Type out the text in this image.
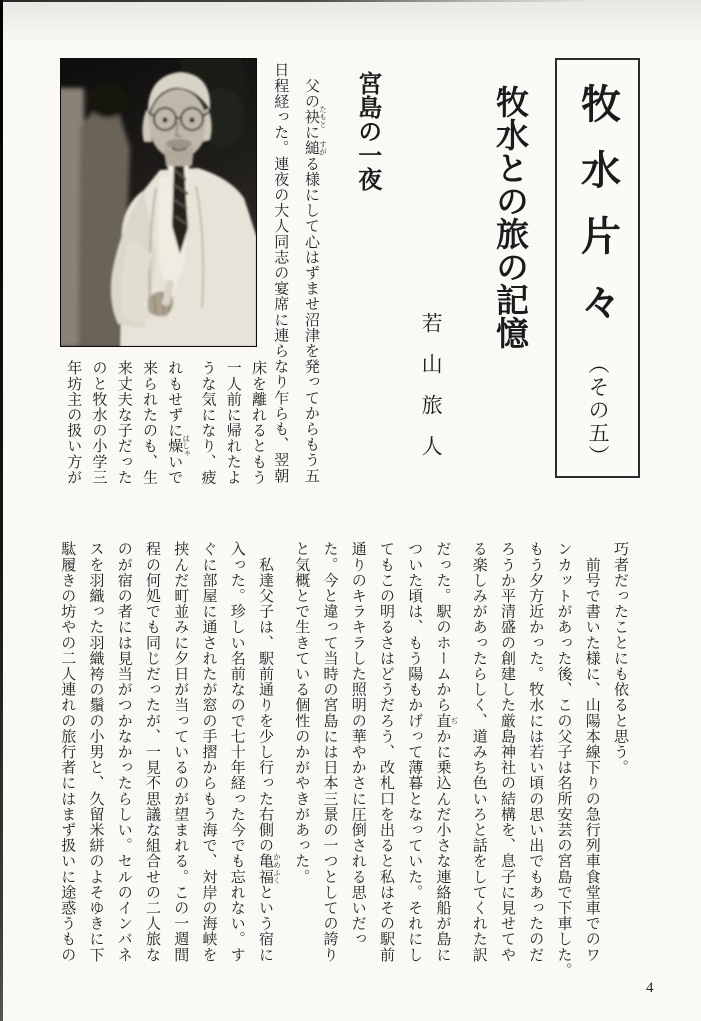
牧水片々
（その五）
牧水との旅の記憶
若山旅人
宮島の一夜
　父の袂 たもとに縋 すがる様にして心はずませ沼津を発ってからもう五
日程経った。連夜の大人同志の宴席に連らなり乍らも、翌朝
床を離れるともう
一人前に帰れたよ
うな気になり、疲
れもせずに燥 はしゃいで
来られたのも、生
来丈夫な子だった
のと牧水の小学三
年坊主の扱い方が
巧者だったことにも依ると思う。
　前号で書いた様に、山陽本線下りの急行列車食堂車でのワ
ンカットがあった後、この父子は名所安芸の宮島で下車した。
もう夕方近かった。牧水には若い頃の思い出でもあったのだ
ろうか平清盛の創建した厳島神社の結構を、息子に見せてや
る楽しみがあったらしく、道みち色いろと話をしてくれた訳
だった。駅のホームから直 ぢかに乗込んだ小さな連絡船が島に
ついた頃は、もう陽もかげって薄暮となっていた。それにし
てもこの明るさはどうだろう、改札口を出ると私はその駅前
通りのキラキラした照明の華やかさに圧倒される思いだっ
た。今と違って当時の宮島には日本三景の一つとしての誇り
と気概とで生きている個性のかがやきがあった。
　私達父子は、駅前通りを少し行った右側の亀福 かめふくという宿に
入った。珍しい名前なので七十年経った今でも忘れない。す
ぐに部屋に通されたが窓の手摺からもう海で、対岸の海峡を
挟んだ町並みに夕日が当っているのが望まれる。この一週間
程の何処でも同じだったが、一見不思議な組合せの二人旅な
のが宿の者には見当がつかなかったらしい。セルのインバネ
スを羽織った羽織袴の鬚の小男と、久留米絣のよそゆきに下
駄履きの坊やの二人連れの旅行者にはまず扱いに途惑うもの
4
